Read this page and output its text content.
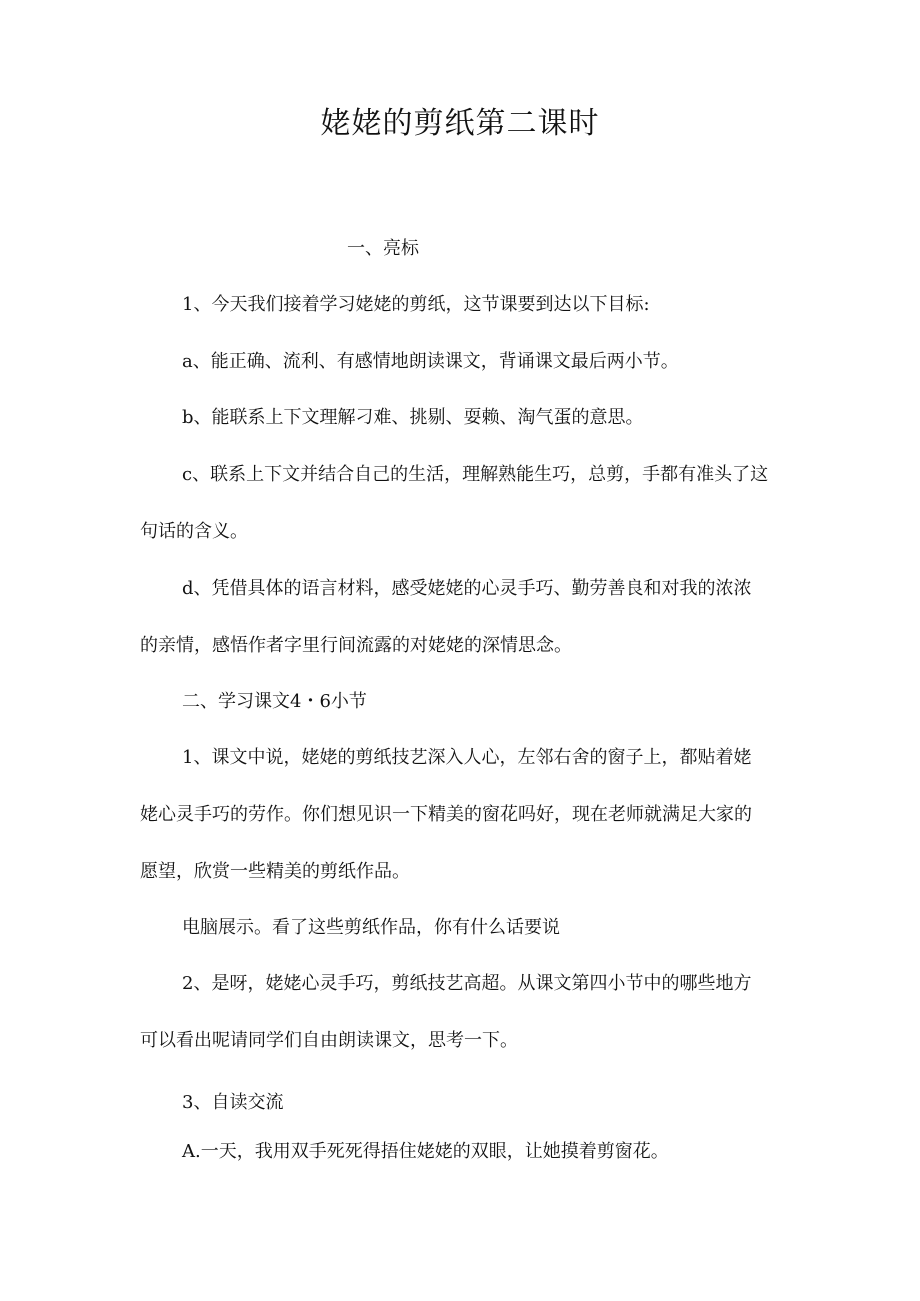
姥姥的剪纸第二课时

一、亮标

1、今天我们接着学习姥姥的剪纸，这节课要到达以下目标:

a、能正确、流利、有感情地朗读课文，背诵课文最后两小节。

b、能联系上下文理解刁难、挑剔、耍赖、淘气蛋的意思。

c、联系上下文并结合自己的生活，理解熟能生巧，总剪，手都有准头了这

句话的含义。

d、凭借具体的语言材料，感受姥姥的心灵手巧、勤劳善良和对我的浓浓

的亲情，感悟作者字里行间流露的对姥姥的深情思念。

二、学习课文4・6小节

1、课文中说，姥姥的剪纸技艺深入人心，左邻右舍的窗子上，都贴着姥

姥心灵手巧的劳作。你们想见识一下精美的窗花吗好，现在老师就满足大家的

愿望，欣赏一些精美的剪纸作品。

电脑展示。看了这些剪纸作品，你有什么话要说

2、是呀，姥姥心灵手巧，剪纸技艺高超。从课文第四小节中的哪些地方

可以看出呢请同学们自由朗读课文，思考一下。

3、自读交流

A.一天，我用双手死死得捂住姥姥的双眼，让她摸着剪窗花。
